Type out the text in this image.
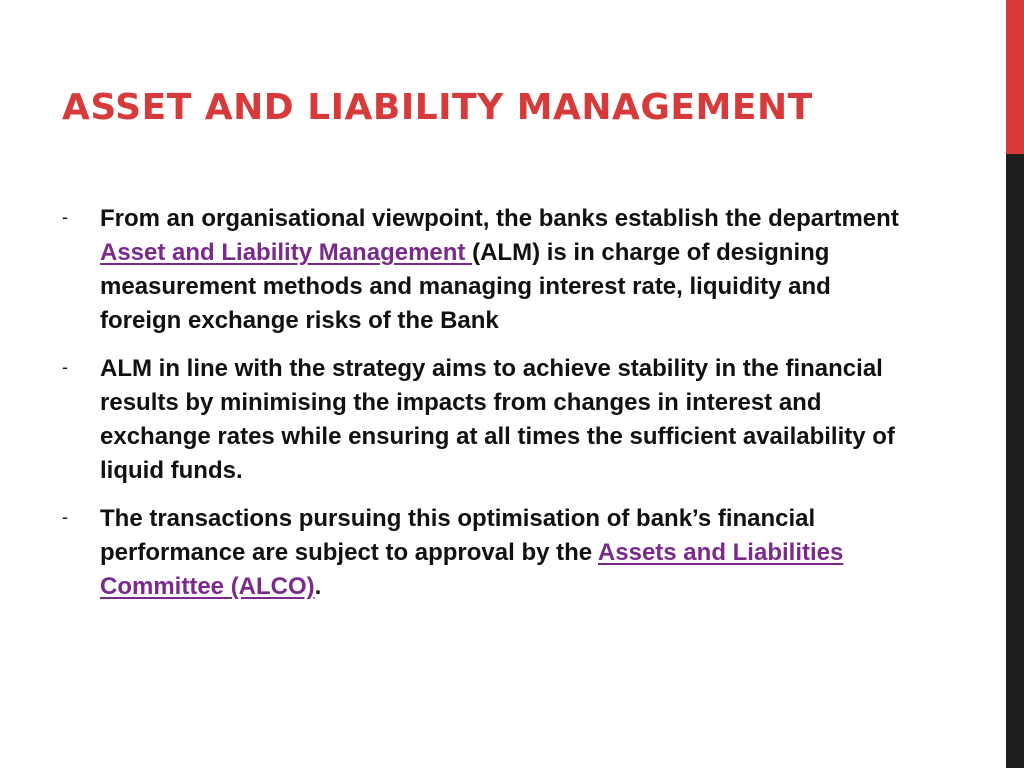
ASSET AND LIABILITY MANAGEMENT
- From an organisational viewpoint, the banks establish the department Asset and Liability Management (ALM) is in charge of designing measurement methods and managing interest rate, liquidity and foreign exchange risks of the Bank
- ALM in line with the strategy aims to achieve stability in the financial results by minimising the impacts from changes in interest and exchange rates while ensuring at all times the sufficient availability of liquid funds.
- The transactions pursuing this optimisation of bank’s financial performance are subject to approval by the Assets and Liabilities Committee (ALCO).
